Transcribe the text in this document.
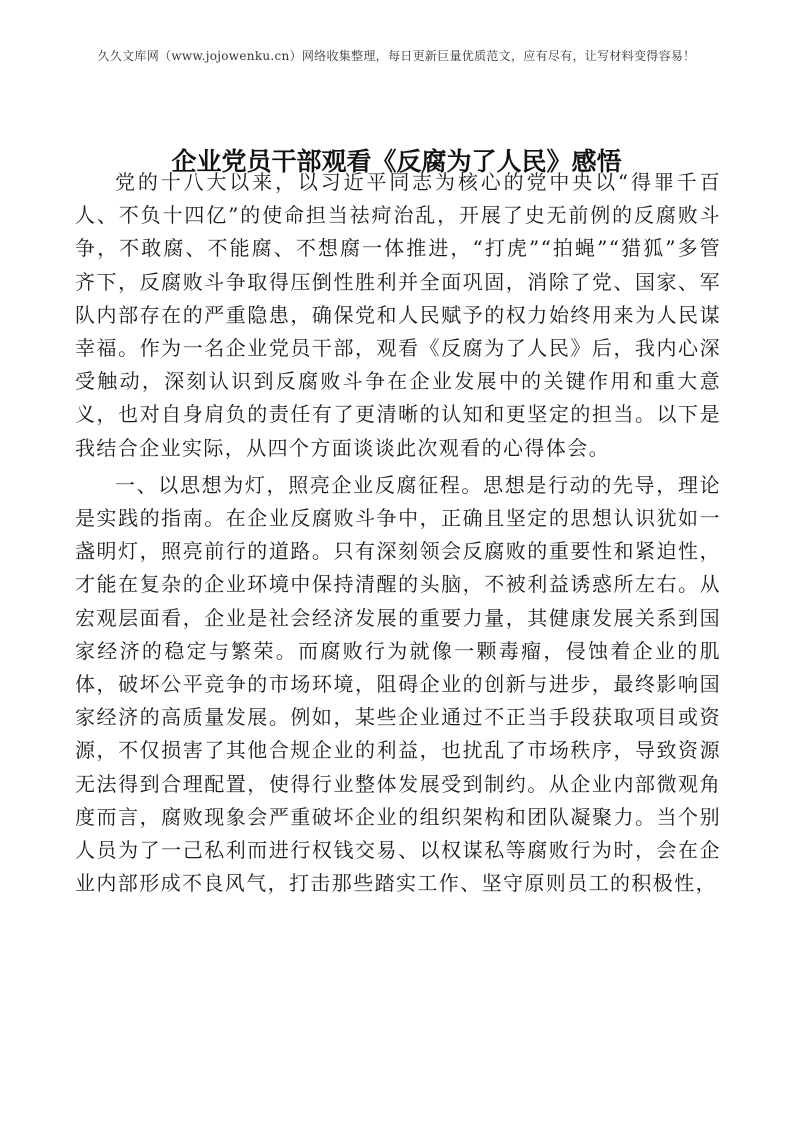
久久文库网（www.jojowenku.cn）网络收集整理，每日更新巨量优质范文，应有尽有，让写材料变得容易！
企业党员干部观看《反腐为了人民》感悟

党的十八大以来，以习近平同志为核心的党中央以“得罪千百人、不负十四亿”的使命担当祛疴治乱，开展了史无前例的反腐败斗争，不敢腐、不能腐、不想腐一体推进，“打虎”“拍蝇”“猎狐”多管齐下，反腐败斗争取得压倒性胜利并全面巩固，消除了党、国家、军队内部存在的严重隐患，确保党和人民赋予的权力始终用来为人民谋幸福。作为一名企业党员干部，观看《反腐为了人民》后，我内心深受触动，深刻认识到反腐败斗争在企业发展中的关键作用和重大意义，也对自身肩负的责任有了更清晰的认知和更坚定的担当。以下是我结合企业实际，从四个方面谈谈此次观看的心得体会。

一、以思想为灯，照亮企业反腐征程。思想是行动的先导，理论是实践的指南。在企业反腐败斗争中，正确且坚定的思想认识犹如一盏明灯，照亮前行的道路。只有深刻领会反腐败的重要性和紧迫性，才能在复杂的企业环境中保持清醒的头脑，不被利益诱惑所左右。从宏观层面看，企业是社会经济发展的重要力量，其健康发展关系到国家经济的稳定与繁荣。而腐败行为就像一颗毒瘤，侵蚀着企业的肌体，破坏公平竞争的市场环境，阻碍企业的创新与进步，最终影响国家经济的高质量发展。例如，某些企业通过不正当手段获取项目或资源，不仅损害了其他合规企业的利益，也扰乱了市场秩序，导致资源无法得到合理配置，使得行业整体发展受到制约。从企业内部微观角度而言，腐败现象会严重破坏企业的组织架构和团队凝聚力。当个别人员为了一己私利而进行权钱交易、以权谋私等腐败行为时，会在企业内部形成不良风气，打击那些踏实工作、坚守原则员工的积极性，
